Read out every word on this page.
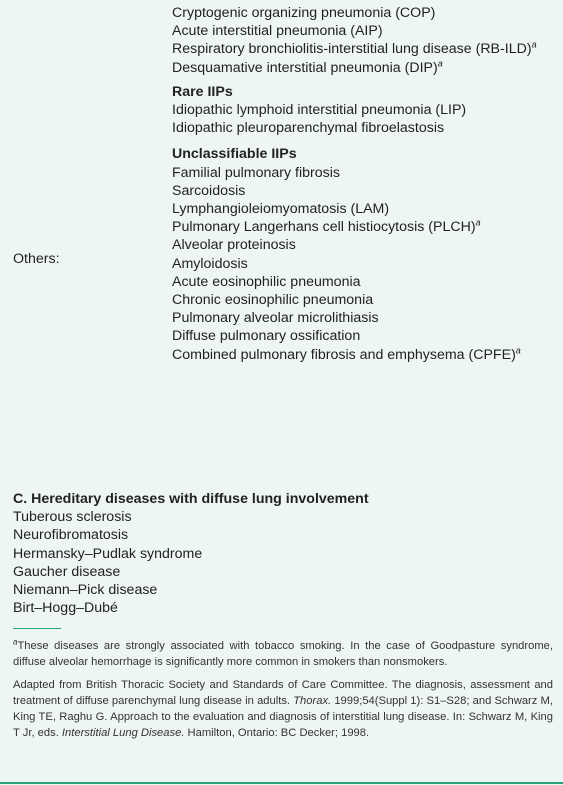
Cryptogenic organizing pneumonia (COP)
Acute interstitial pneumonia (AIP)
Respiratory bronchiolitis-interstitial lung disease $(RB-ILD)^a$
Desquamative interstitial pneumonia (DIP)$^a$
Rare IIPs
Idiopathic lymphoid interstitial pneumonia (LIP)
Idiopathic pleuroparenchymal fibroelastosis
Unclassifiable IIPs
Familial pulmonary fibrosis
Sarcoidosis
Lymphangioleiomyomatosis (LAM)
Pulmonary Langerhans cell histiocytosis (PLCH)$^a$
Alveolar proteinosis
Amyloidosis
Acute eosinophilic pneumonia
Chronic eosinophilic pneumonia
Pulmonary alveolar microlithiasis
Diffuse pulmonary ossification
Combined pulmonary fibrosis and emphysema (CPFE)$^a$
Others:
C. Hereditary diseases with diffuse lung involvement
Tuberous sclerosis
Neurofibromatosis
Hermansky–Pudlak syndrome
Gaucher disease
Niemann–Pick disease
Birt–Hogg–Dubé

$^a$These diseases are strongly associated with tobacco smoking. In the case of Goodpasture syndrome, diffuse alveolar hemorrhage is significantly more common in smokers than nonsmokers.

Adapted from British Thoracic Society and Standards of Care Committee. The diagnosis, assessment and treatment of diffuse parenchymal lung disease in adults. Thorax. 1999;54(Suppl 1): S1–S28; and Schwarz M, King TE, Raghu G. Approach to the evaluation and diagnosis of interstitial lung disease. In: Schwarz M, King T Jr, eds. Interstitial Lung Disease. Hamilton, Ontario: BC Decker; 1998.
